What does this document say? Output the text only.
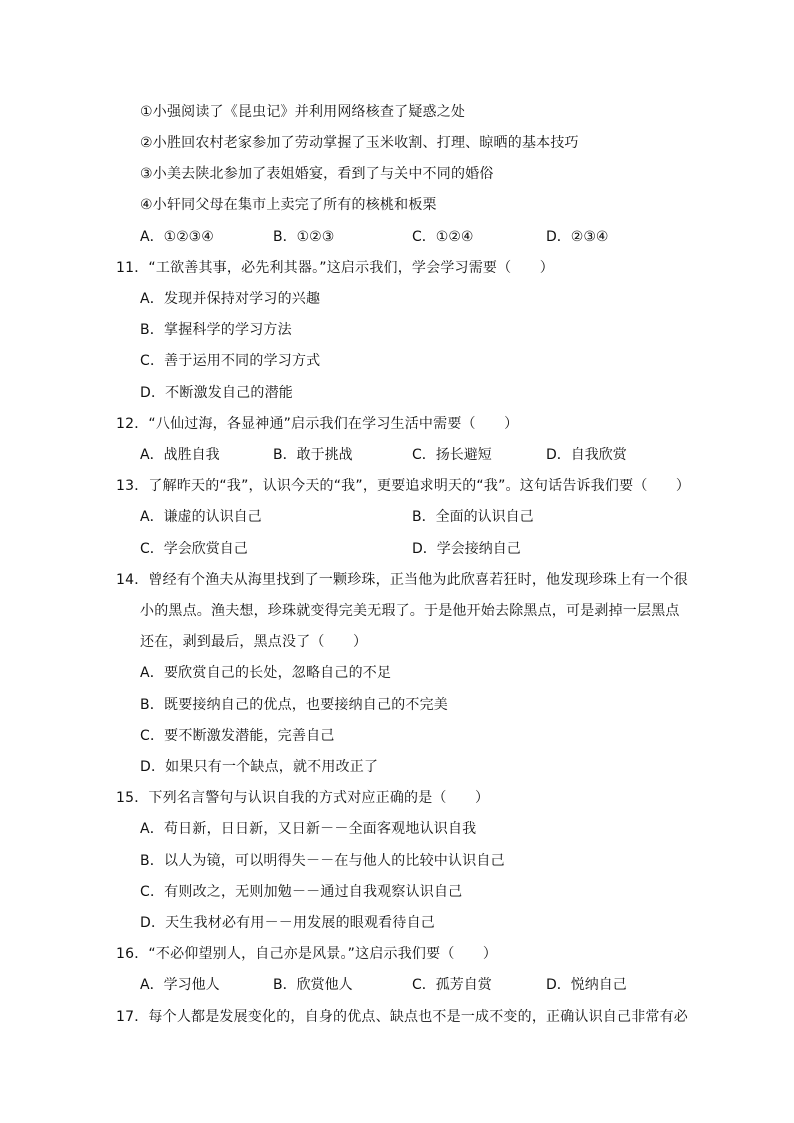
①小强阅读了《昆虫记》并利用网络核查了疑惑之处
②小胜回农村老家参加了劳动掌握了玉米收割、打理、晾晒的基本技巧
③小美去陕北参加了表姐婚宴，看到了与关中不同的婚俗
④小轩同父母在集市上卖完了所有的核桃和板栗
A．①②③④	B．①②③	C．①②④	D．②③④
11．“工欲善其事，必先利其器。”这启示我们，学会学习需要（　　）
A．发现并保持对学习的兴趣
B．掌握科学的学习方法
C．善于运用不同的学习方式
D．不断激发自己的潜能
12．“八仙过海，各显神通”启示我们在学习生活中需要（　　）
A．战胜自我	B．敢于挑战	C．扬长避短	D．自我欣赏
13．了解昨天的“我”，认识今天的“我”，更要追求明天的“我”。这句话告诉我们要（　　）
A．谦虚的认识自己	B．全面的认识自己
C．学会欣赏自己	D．学会接纳自己
14．曾经有个渔夫从海里找到了一颗珍珠，正当他为此欣喜若狂时，他发现珍珠上有一个很
小的黑点。渔夫想，珍珠就变得完美无瑕了。于是他开始去除黑点，可是剥掉一层黑点
还在，剥到最后，黑点没了（　　）
A．要欣赏自己的长处，忽略自己的不足
B．既要接纳自己的优点，也要接纳自己的不完美
C．要不断激发潜能，完善自己
D．如果只有一个缺点，就不用改正了
15．下列名言警句与认识自我的方式对应正确的是（　　）
A．苟日新，日日新，又日新－－全面客观地认识自我
B．以人为镜，可以明得失－－在与他人的比较中认识自己
C．有则改之，无则加勉－－通过自我观察认识自己
D．天生我材必有用－－用发展的眼观看待自己
16．“不必仰望别人，自己亦是风景。”这启示我们要（　　）
A．学习他人	B．欣赏他人	C．孤芳自赏	D．悦纳自己
17．每个人都是发展变化的，自身的优点、缺点也不是一成不变的，正确认识自己非常有必
